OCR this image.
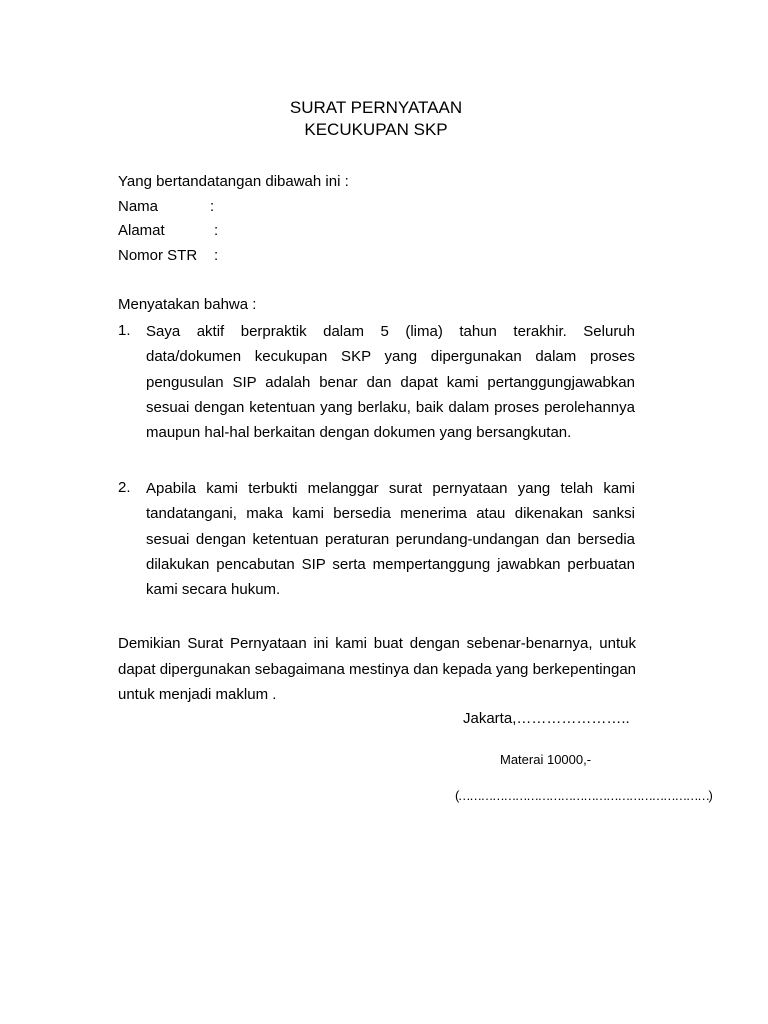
SURAT PERNYATAAN
KECUKUPAN SKP
Yang bertandatangan dibawah ini :
Nama	:
Alamat	:
Nomor STR :
Menyatakan bahwa :
1. Saya aktif berpraktik dalam 5 (lima) tahun terakhir. Seluruh data/dokumen kecukupan SKP yang dipergunakan dalam proses pengusulan SIP adalah benar dan dapat kami pertanggungjawabkan sesuai dengan ketentuan yang berlaku, baik dalam proses perolehannya maupun hal-hal berkaitan dengan dokumen yang bersangkutan.
2. Apabila kami terbukti melanggar surat pernyataan yang telah kami tandatangani, maka kami bersedia menerima atau dikenakan sanksi sesuai dengan ketentuan peraturan perundang-undangan dan bersedia dilakukan pencabutan SIP serta mempertanggung jawabkan perbuatan kami secara hukum.
Demikian Surat Pernyataan ini kami buat dengan sebenar-benarnya, untuk dapat dipergunakan sebagaimana mestinya dan kepada yang berkepentingan untuk menjadi maklum .
Jakarta,…………………..
Materai 10000,-
(…………………………………………………………)
